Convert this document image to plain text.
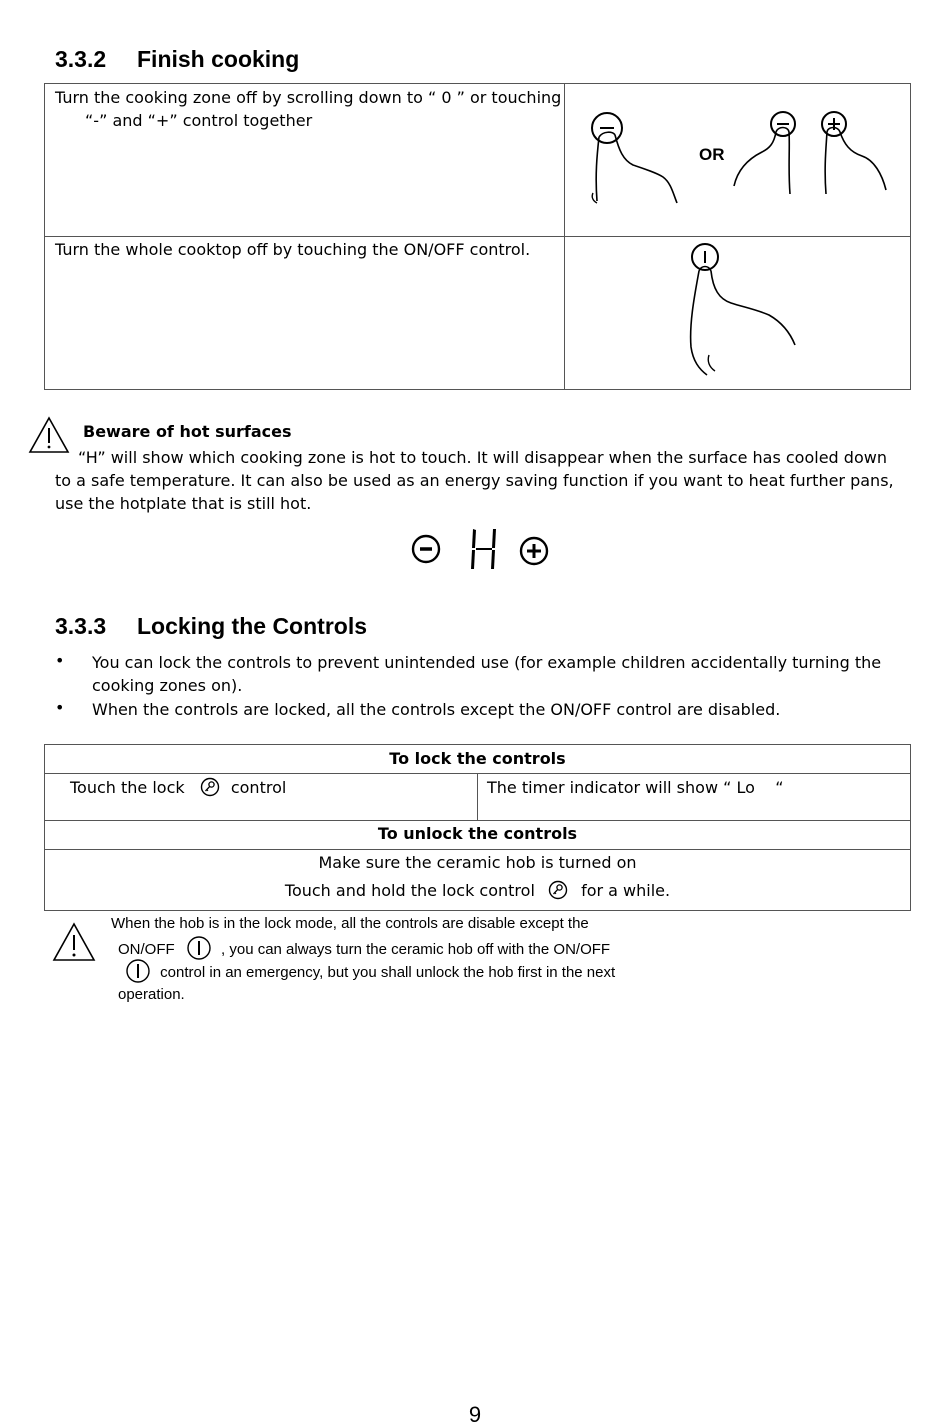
3.3.2 Finish cooking
Turn the cooking zone off by scrolling down to “ 0 ” or touching
“-” and “+” control together
OR
Turn the whole cooktop off by touching the ON/OFF control.
Beware of hot surfaces
“H” will show which cooking zone is hot to touch. It will disappear when the surface has cooled down
to a safe temperature. It can also be used as an energy saving function if you want to heat further pans,
use the hotplate that is still hot.
3.3.3 Locking the Controls
• You can lock the controls to prevent unintended use (for example children accidentally turning the
cooking zones on).
• When the controls are locked, all the controls except the ON/OFF control are disabled.
To lock the controls
Touch the lock	control	The timer indicator will show “ Lo    “
To unlock the controls
Make sure the ceramic hob is turned on
Touch and hold the lock control	for a while.
When the hob is in the lock mode, all the controls are disable except the
ON/OFF	, you can always turn the ceramic hob off with the ON/OFF
control in an emergency, but you shall unlock the hob first in the next
operation.
9
